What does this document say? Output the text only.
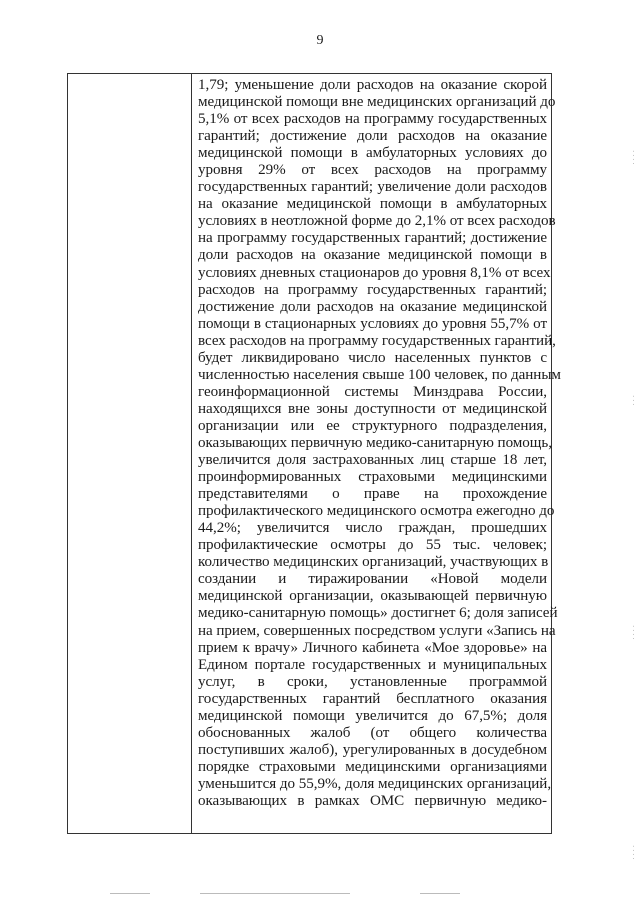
9
1,79; уменьшение доли расходов на оказание скорой
медицинской помощи вне медицинских организаций до
5,1% от всех расходов на программу государственных
гарантий; достижение доли расходов на оказание
медицинской помощи в амбулаторных условиях до
уровня 29% от всех расходов на программу
государственных гарантий; увеличение доли расходов
на оказание медицинской помощи в амбулаторных
условиях в неотложной форме до 2,1% от всех расходов
на программу государственных гарантий; достижение
доли расходов на оказание медицинской помощи в
условиях дневных стационаров до уровня 8,1% от всех
расходов на программу государственных гарантий;
достижение доли расходов на оказание медицинской
помощи в стационарных условиях до уровня 55,7% от
всех расходов на программу государственных гарантий,
будет ликвидировано число населенных пунктов с
численностью населения свыше 100 человек, по данным
геоинформационной системы Минздрава России,
находящихся вне зоны доступности от медицинской
организации или ее структурного подразделения,
оказывающих первичную медико-санитарную помощь,
увеличится доля застрахованных лиц старше 18 лет,
проинформированных страховыми медицинскими
представителями о праве на прохождение
профилактического медицинского осмотра ежегодно до
44,2%; увеличится число граждан, прошедших
профилактические осмотры до 55 тыс. человек;
количество медицинских организаций, участвующих в
создании и тиражировании «Новой модели
медицинской организации, оказывающей первичную
медико-санитарную помощь» достигнет 6; доля записей
на прием, совершенных посредством услуги «Запись на
прием к врачу» Личного кабинета «Мое здоровье» на
Едином портале государственных и муниципальных
услуг, в сроки, установленные программой
государственных гарантий бесплатного оказания
медицинской помощи увеличится до 67,5%; доля
обоснованных жалоб (от общего количества
поступивших жалоб), урегулированных в досудебном
порядке страховыми медицинскими организациями
уменьшится до 55,9%, доля медицинских организаций,
оказывающих в рамках ОМС первичную медико-
· · · ·
· · ·
· · · ·
· · · ·
